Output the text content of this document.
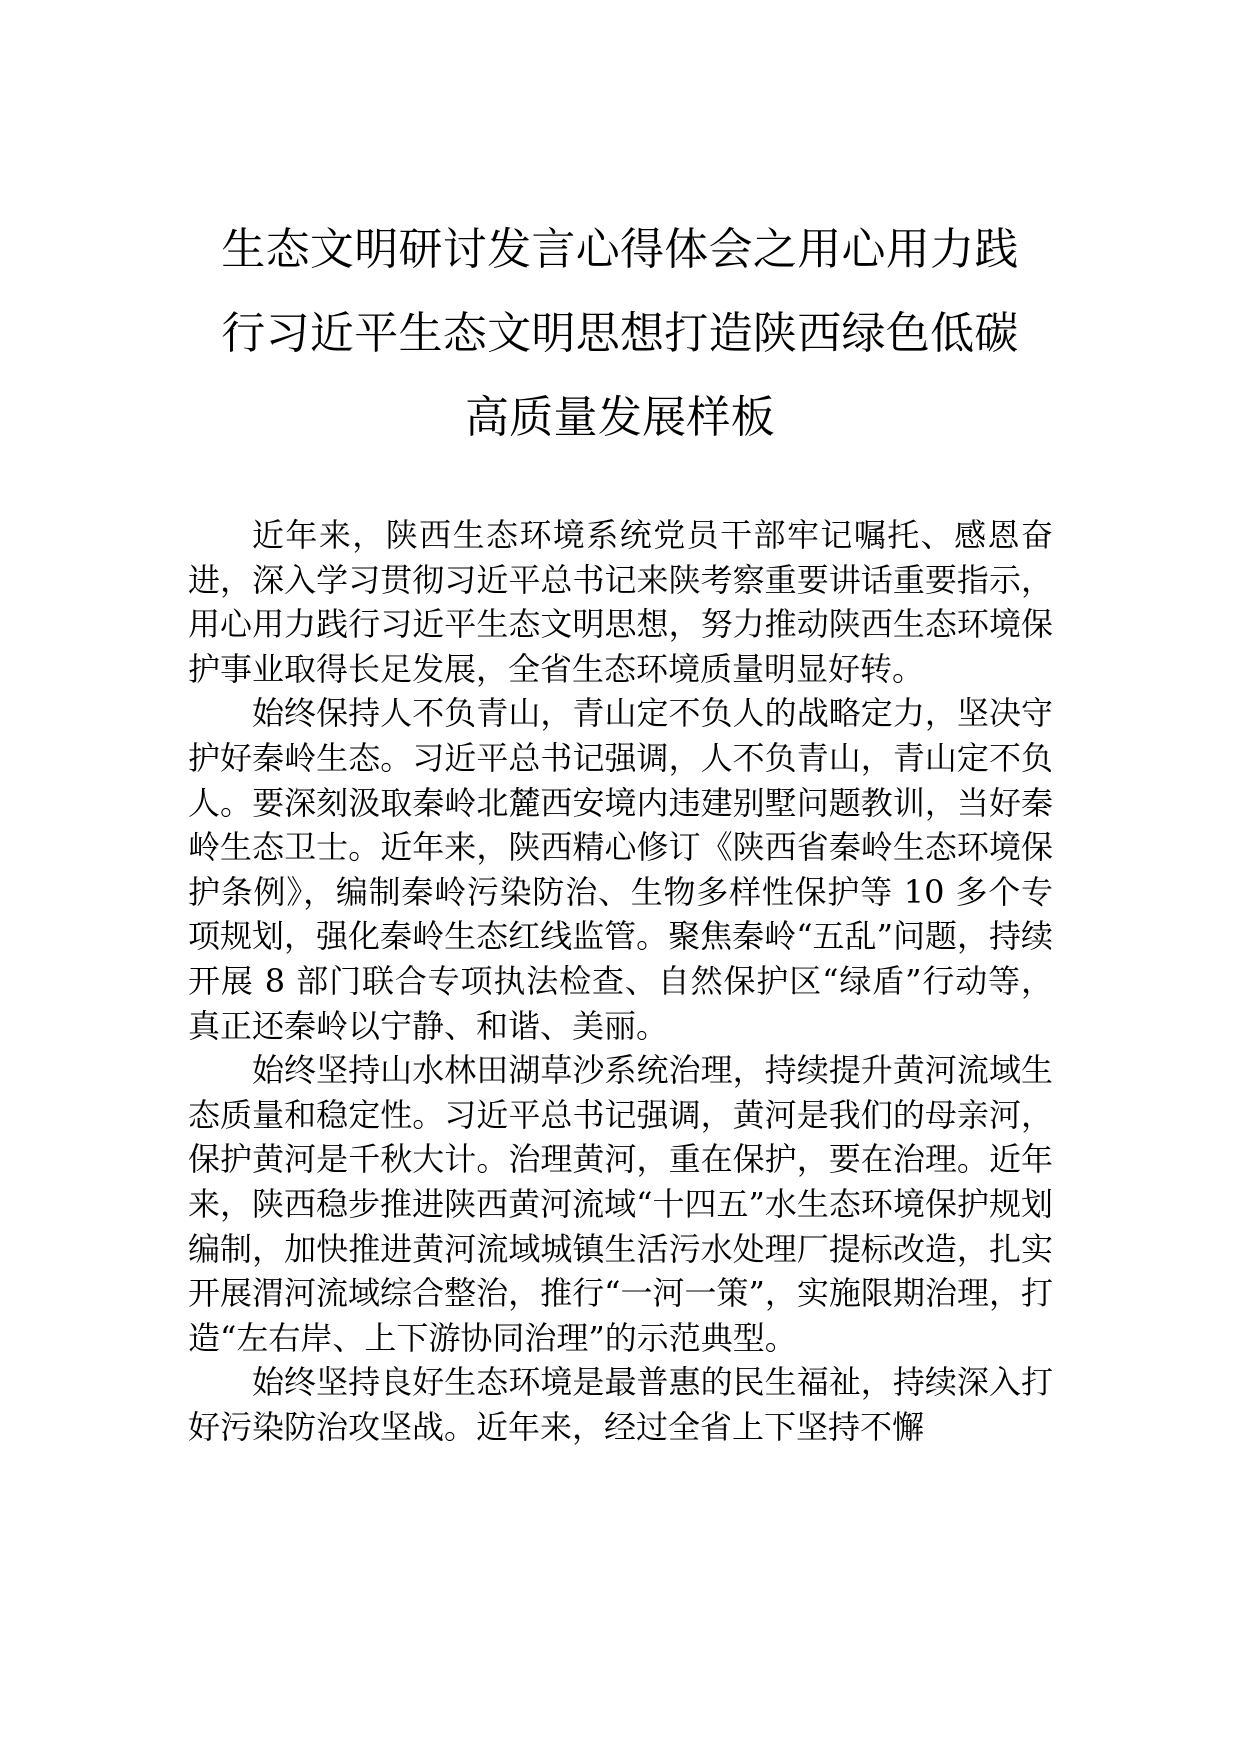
生态文明研讨发言心得体会之用心用力践
行习近平生态文明思想打造陕西绿色低碳
高质量发展样板

近年来，陕西生态环境系统党员干部牢记嘱托、感恩奋进，深入学习贯彻习近平总书记来陕考察重要讲话重要指示，用心用力践行习近平生态文明思想，努力推动陕西生态环境保护事业取得长足发展，全省生态环境质量明显好转。

始终保持人不负青山，青山定不负人的战略定力，坚决守护好秦岭生态。习近平总书记强调，人不负青山，青山定不负人。要深刻汲取秦岭北麓西安境内违建别墅问题教训，当好秦岭生态卫士。近年来，陕西精心修订《陕西省秦岭生态环境保护条例》，编制秦岭污染防治、生物多样性保护等 10 多个专项规划，强化秦岭生态红线监管。聚焦秦岭“五乱”问题，持续开展 8 部门联合专项执法检查、自然保护区“绿盾”行动等，真正还秦岭以宁静、和谐、美丽。

始终坚持山水林田湖草沙系统治理，持续提升黄河流域生态质量和稳定性。习近平总书记强调，黄河是我们的母亲河，保护黄河是千秋大计。治理黄河，重在保护，要在治理。近年来，陕西稳步推进陕西黄河流域“十四五”水生态环境保护规划编制，加快推进黄河流域城镇生活污水处理厂提标改造，扎实开展渭河流域综合整治，推行“一河一策”，实施限期治理，打造“左右岸、上下游协同治理”的示范典型。

始终坚持良好生态环境是最普惠的民生福祉，持续深入打好污染防治攻坚战。近年来，经过全省上下坚持不懈
